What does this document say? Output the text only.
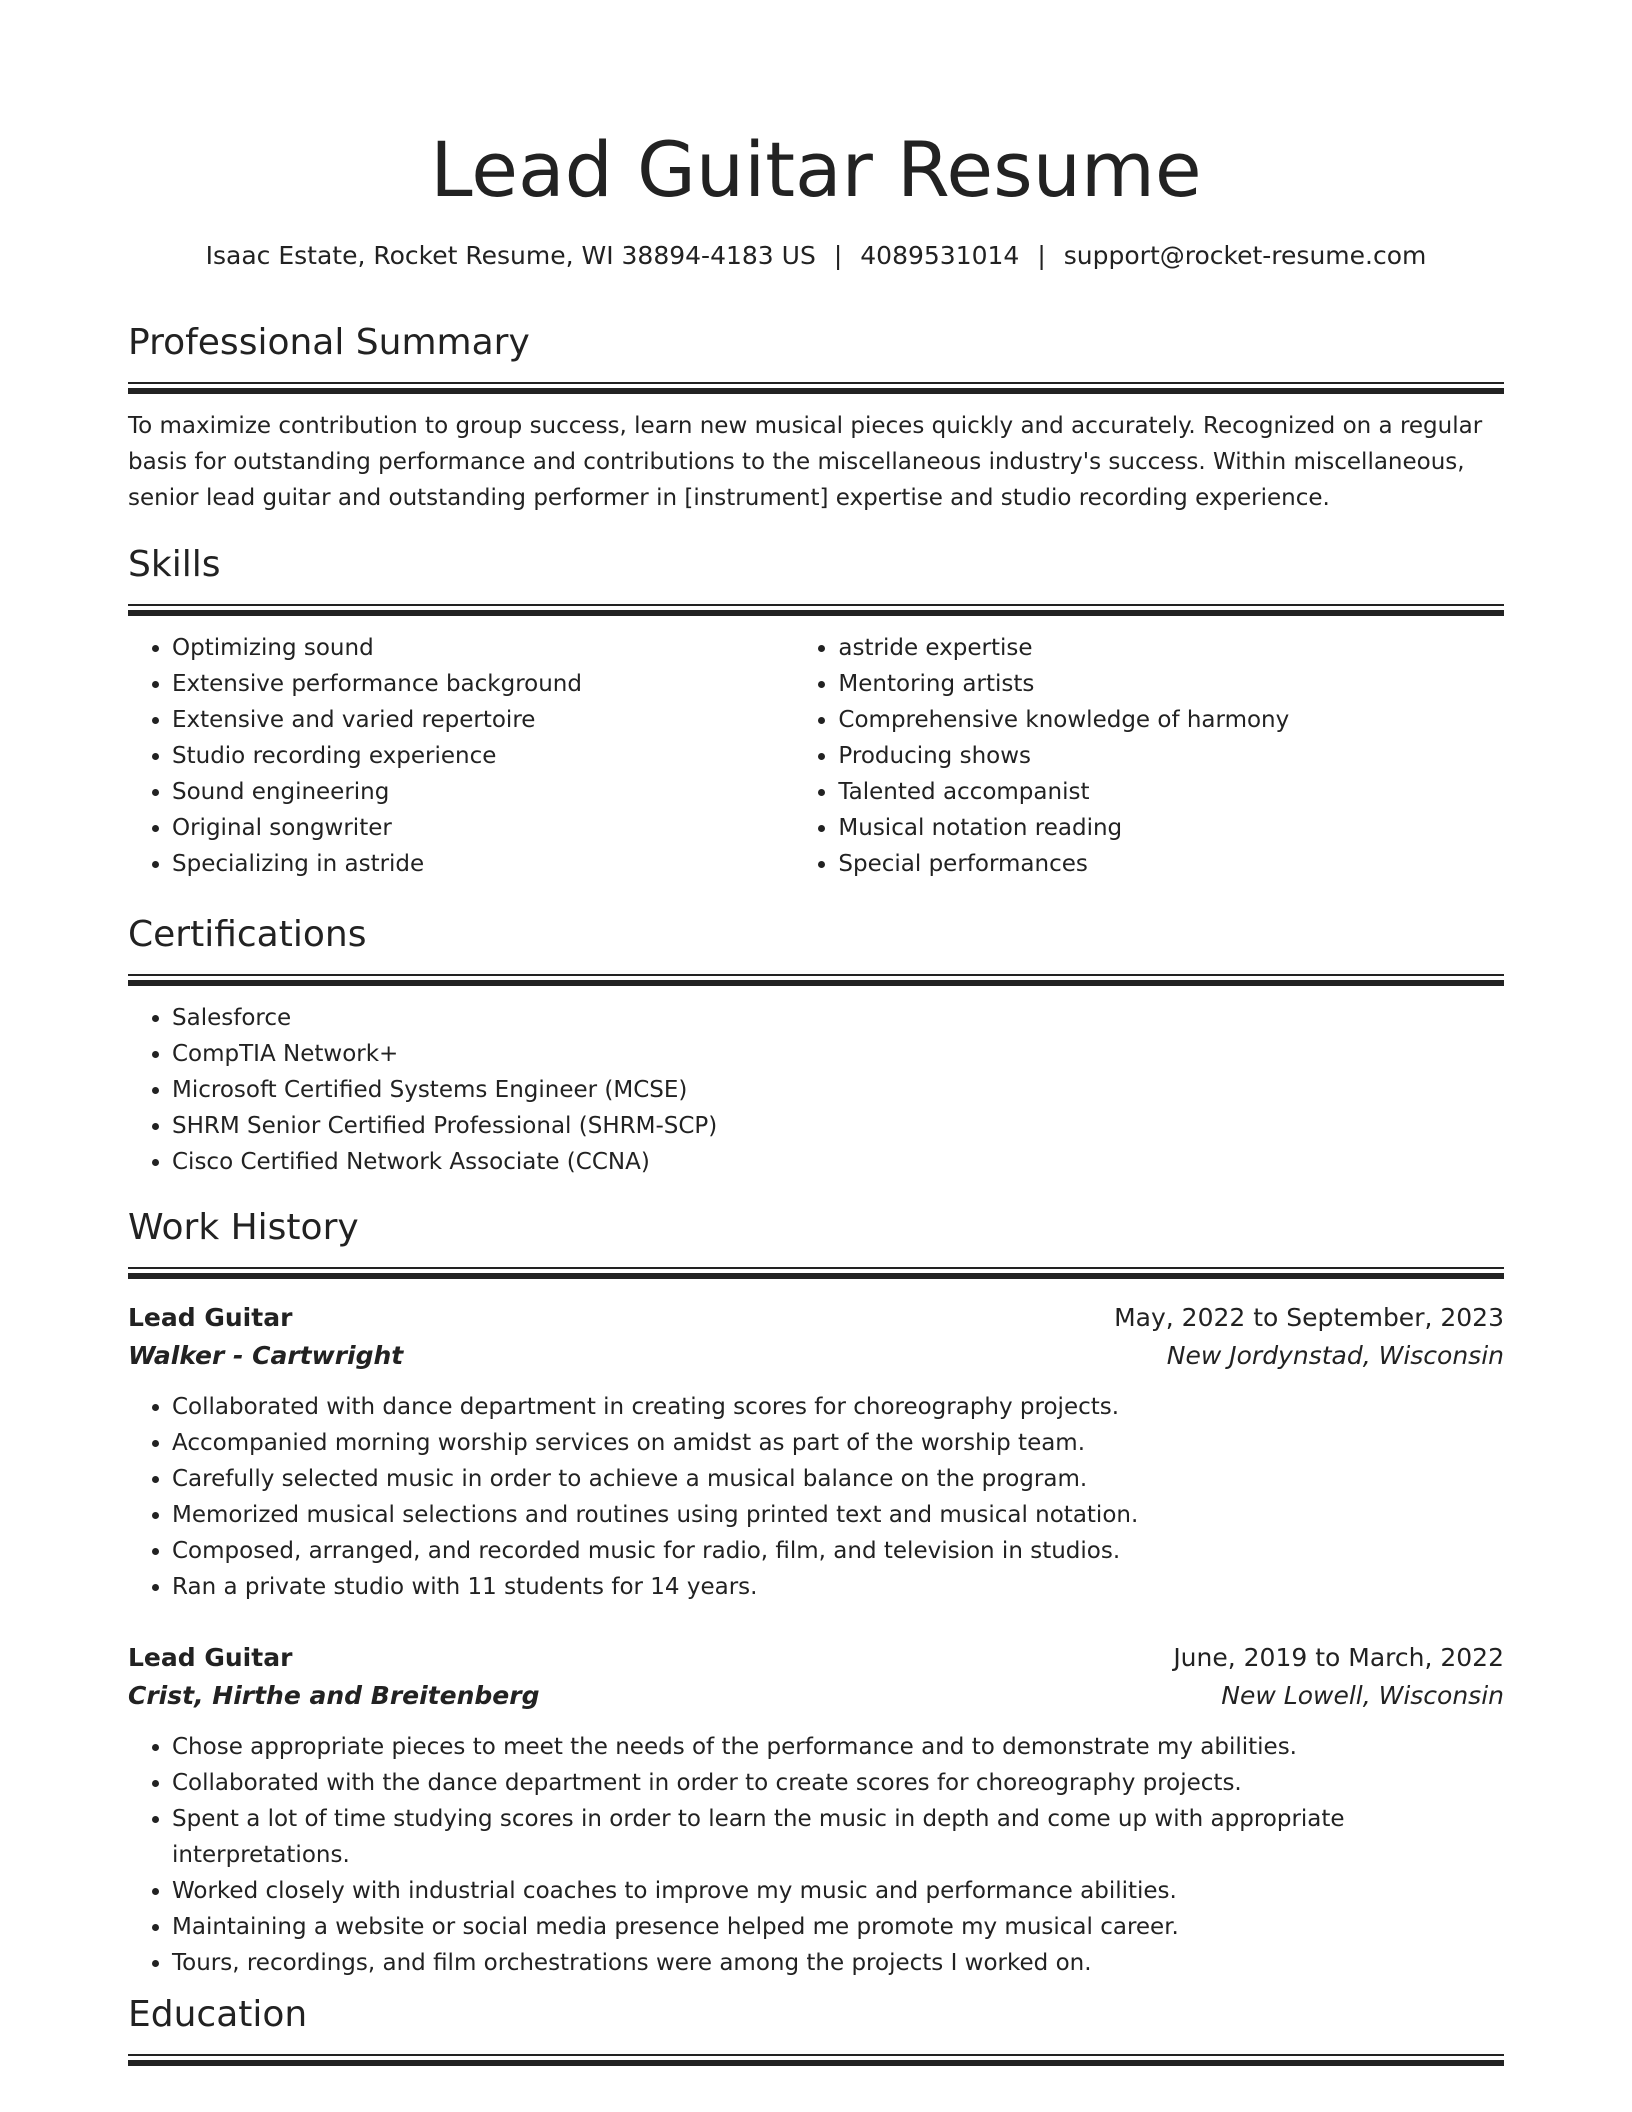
Lead Guitar Resume
Isaac Estate, Rocket Resume, WI 38894-4183 US | 4089531014 | support@rocket-resume.com
Professional Summary

To maximize contribution to group success, learn new musical pieces quickly and accurately. Recognized on a regular basis for outstanding performance and contributions to the miscellaneous industry's success. Within miscellaneous, senior lead guitar and outstanding performer in [instrument] expertise and studio recording experience.

Skills
• Optimizing sound
• Extensive performance background
• Extensive and varied repertoire
• Studio recording experience
• Sound engineering
• Original songwriter
• Specializing in astride
• astride expertise
• Mentoring artists
• Comprehensive knowledge of harmony
• Producing shows
• Talented accompanist
• Musical notation reading
• Special performances
Certifications
• Salesforce
• CompTIA Network+
• Microsoft Certified Systems Engineer (MCSE)
• SHRM Senior Certified Professional (SHRM-SCP)
• Cisco Certified Network Associate (CCNA)
Work History
Lead Guitar	May, 2022 to September, 2023
Walker - Cartwright	New Jordynstad, Wisconsin
• Collaborated with dance department in creating scores for choreography projects.
• Accompanied morning worship services on amidst as part of the worship team.
• Carefully selected music in order to achieve a musical balance on the program.
• Memorized musical selections and routines using printed text and musical notation.
• Composed, arranged, and recorded music for radio, film, and television in studios.
• Ran a private studio with 11 students for 14 years.
Lead Guitar	June, 2019 to March, 2022
Crist, Hirthe and Breitenberg	New Lowell, Wisconsin
• Chose appropriate pieces to meet the needs of the performance and to demonstrate my abilities.
• Collaborated with the dance department in order to create scores for choreography projects.
• Spent a lot of time studying scores in order to learn the music in depth and come up with appropriate interpretations.
• Worked closely with industrial coaches to improve my music and performance abilities.
• Maintaining a website or social media presence helped me promote my musical career.
• Tours, recordings, and film orchestrations were among the projects I worked on.
Education
